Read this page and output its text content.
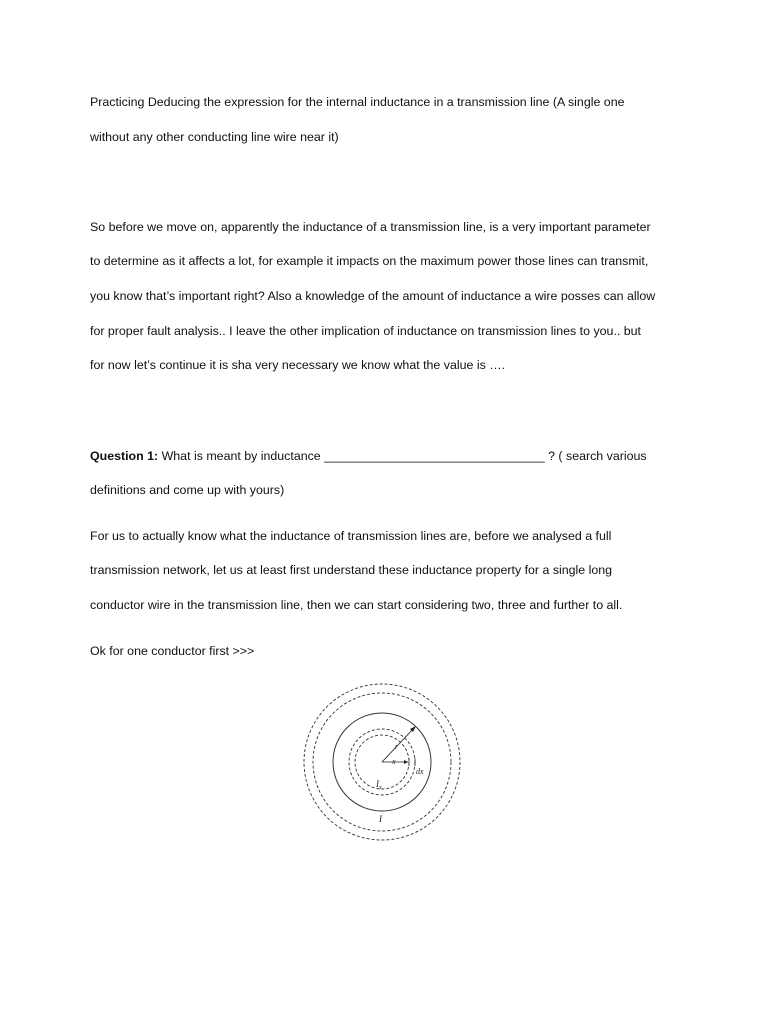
Practicing Deducing the expression for the internal inductance in a transmission line (A single one
without any other conducting line wire near it)
So before we move on, apparently the inductance of a transmission line, is a very important parameter
to determine as it affects a lot, for example it impacts on the maximum power those lines can transmit,
you know that’s important right? Also a knowledge of the amount of inductance a wire posses can allow
for proper fault analysis.. I leave the other implication of inductance on transmission lines to you.. but
for now let’s continue it is sha very necessary we know what the value is ….
Question 1: What is meant by inductance ________________________________ ? ( search various
definitions and come up with yours)
For us to actually know what the inductance of transmission lines are, before we analysed a full
transmission network, let us at least first understand these inductance property for a single long
conductor wire in the transmission line, then we can start considering two, three and further to all.
Ok for one conductor first >>>
r
x
dx
$I_x$
I
